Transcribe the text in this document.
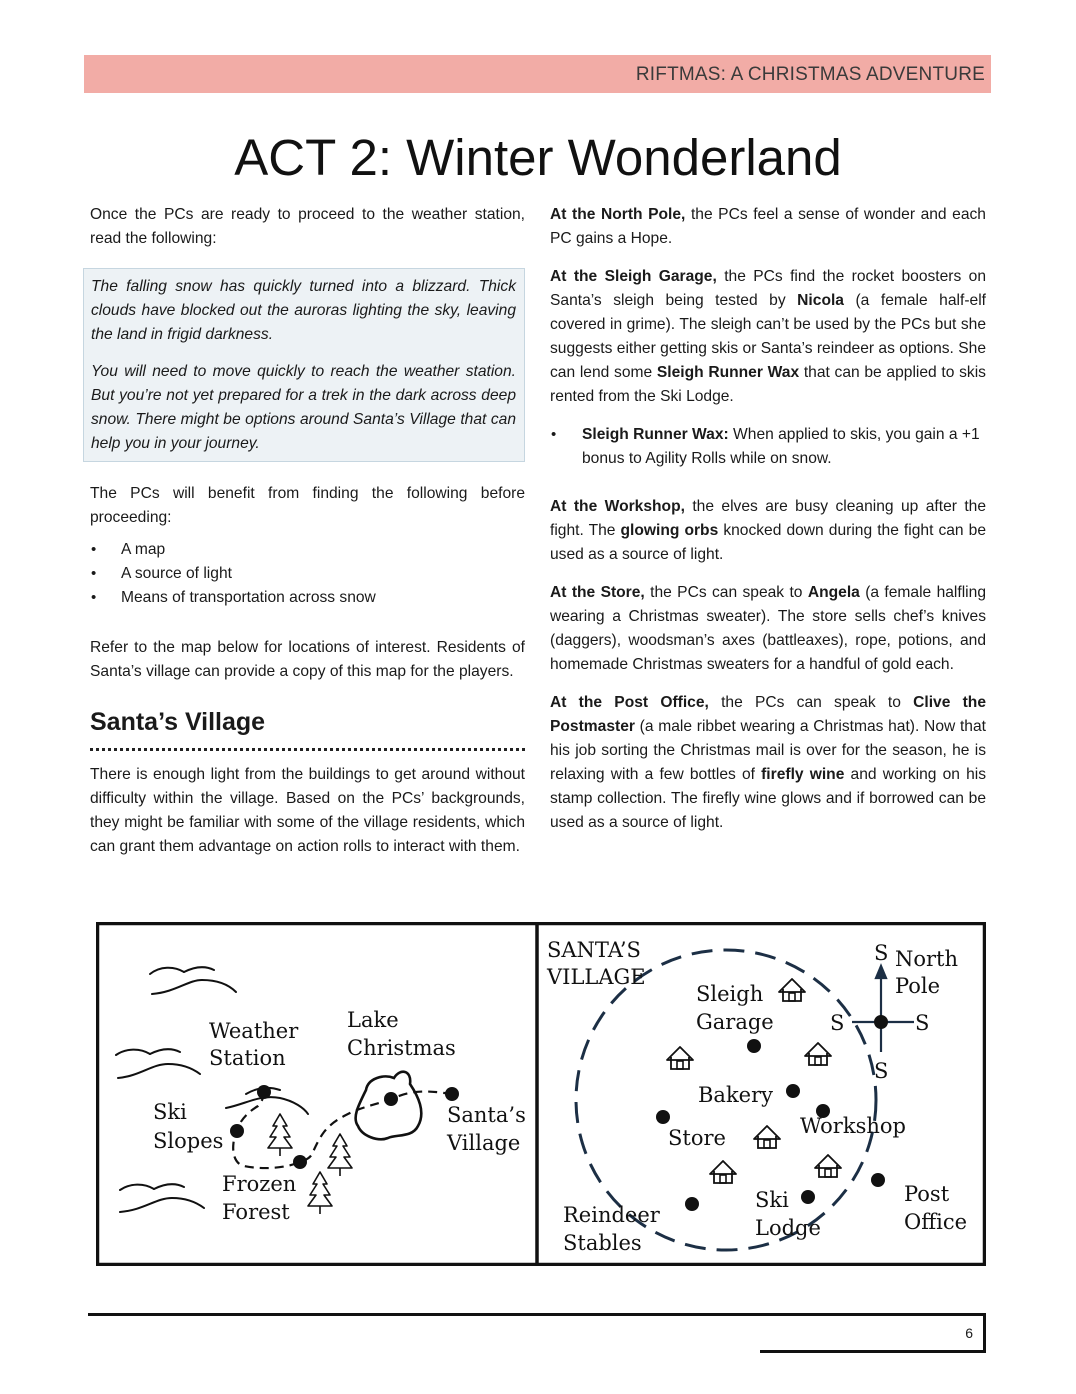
RIFTMAS: A CHRISTMAS ADVENTURE
ACT 2: Winter Wonderland

Once the PCs are ready to proceed to the weather station, read the following:

The falling snow has quickly turned into a blizzard. Thick clouds have blocked out the auroras lighting the sky, leaving the land in frigid darkness.

You will need to move quickly to reach the weather station. But you’re not yet prepared for a trek in the dark across deep snow. There might be options around Santa’s Village that can help you in your journey.

The PCs will benefit from finding the following before proceeding:

• A map
• A source of light
• Means of transportation across snow

Refer to the map below for locations of interest. Residents of Santa’s village can provide a copy of this map for the players.

Santa’s Village

There is enough light from the buildings to get around without difficulty within the village. Based on the PCs’ backgrounds, they might be familiar with some of the village residents, which can grant them advantage on action rolls to interact with them.

At the North Pole, the PCs feel a sense of wonder and each PC gains a Hope.

At the Sleigh Garage, the PCs find the rocket boosters on Santa’s sleigh being tested by Nicola (a female half-elf covered in grime). The sleigh can’t be used by the PCs but she suggests either getting skis or Santa’s reindeer as options. She can lend some Sleigh Runner Wax that can be applied to skis rented from the Ski Lodge.

• Sleigh Runner Wax: When applied to skis, you gain a +1 bonus to Agility Rolls while on snow.

At the Workshop, the elves are busy cleaning up after the fight. The glowing orbs knocked down during the fight can be used as a source of light.

At the Store, the PCs can speak to Angela (a female halfling wearing a Christmas sweater). The store sells chef’s knives (daggers), woodsman’s axes (battleaxes), rope, potions, and homemade Christmas sweaters for a handful of gold each.

At the Post Office, the PCs can speak to Clive the Postmaster (a male ribbet wearing a Christmas hat). Now that his job sorting the Christmas mail is over for the season, he is relaxing with a few bottles of firefly wine and working on his stamp collection. The firefly wine glows and if borrowed can be used as a source of light.

Weather
Station
Lake
Christmas
Ski
Slopes
Frozen
Forest
Santa’s
Village
SANTA’S
VILLAGE
Sleigh
Garage
North
Pole
S
S	S
S
Bakery
Store	Workshop
Ski
Lodge
Post
Office
Reindeer
Stables
6
